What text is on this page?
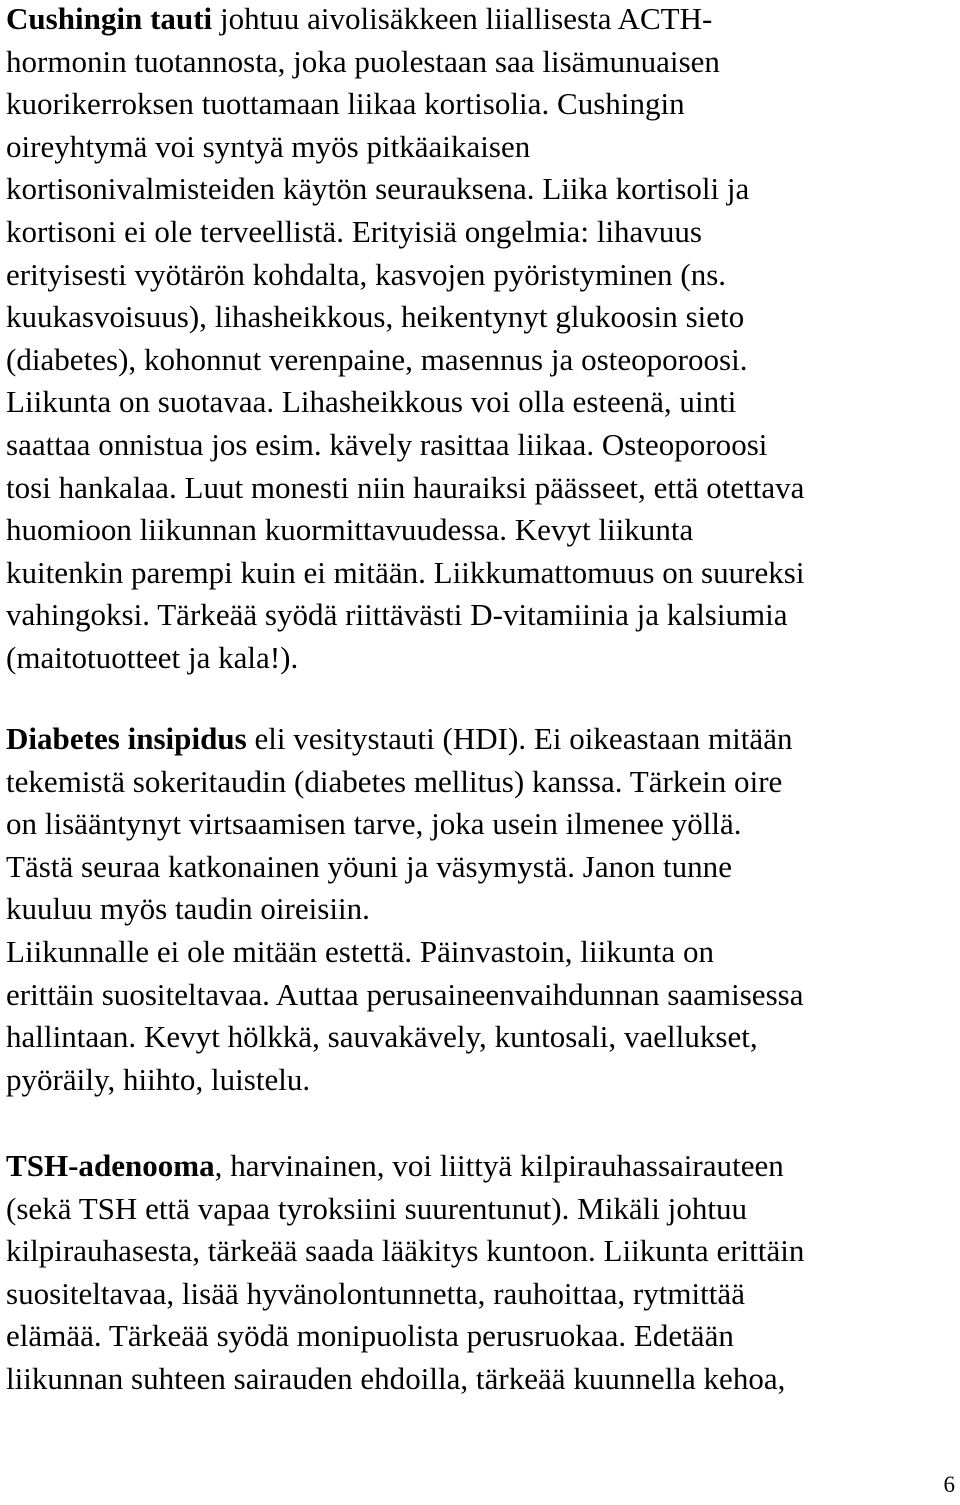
Cushingin tauti johtuu aivolisäkkeen liiallisesta ACTH-
hormonin tuotannosta, joka puolestaan saa lisämunuaisen
kuorikerroksen tuottamaan liikaa kortisolia. Cushingin
oireyhtymä voi syntyä myös pitkäaikaisen
kortisonivalmisteiden käytön seurauksena. Liika kortisoli ja
kortisoni ei ole terveellistä. Erityisiä ongelmia: lihavuus
erityisesti vyötärön kohdalta, kasvojen pyöristyminen (ns.
kuukasvoisuus), lihasheikkous, heikentynyt glukoosin sieto
(diabetes), kohonnut verenpaine, masennus ja osteoporoosi.
Liikunta on suotavaa. Lihasheikkous voi olla esteenä, uinti
saattaa onnistua jos esim. kävely rasittaa liikaa. Osteoporoosi
tosi hankalaa. Luut monesti niin hauraiksi päässeet, että otettava
huomioon liikunnan kuormittavuudessa. Kevyt liikunta
kuitenkin parempi kuin ei mitään. Liikkumattomuus on suureksi
vahingoksi. Tärkeää syödä riittävästi D-vitamiinia ja kalsiumia
(maitotuotteet ja kala!).

Diabetes insipidus eli vesitystauti (HDI). Ei oikeastaan mitään
tekemistä sokeritaudin (diabetes mellitus) kanssa. Tärkein oire
on lisääntynyt virtsaamisen tarve, joka usein ilmenee yöllä.
Tästä seuraa katkonainen yöuni ja väsymystä. Janon tunne
kuuluu myös taudin oireisiin.
Liikunnalle ei ole mitään estettä. Päinvastoin, liikunta on
erittäin suositeltavaa. Auttaa perusaineenvaihdunnan saamisessa
hallintaan. Kevyt hölkkä, sauvakävely, kuntosali, vaellukset,
pyöräily, hiihto, luistelu.

TSH-adenooma, harvinainen, voi liittyä kilpirauhassairauteen
(sekä TSH että vapaa tyroksiini suurentunut). Mikäli johtuu
kilpirauhasesta, tärkeää saada lääkitys kuntoon. Liikunta erittäin
suositeltavaa, lisää hyvänolontunnetta, rauhoittaa, rytmittää
elämää. Tärkeää syödä monipuolista perusruokaa. Edetään
liikunnan suhteen sairauden ehdoilla, tärkeää kuunnella kehoa,

6
